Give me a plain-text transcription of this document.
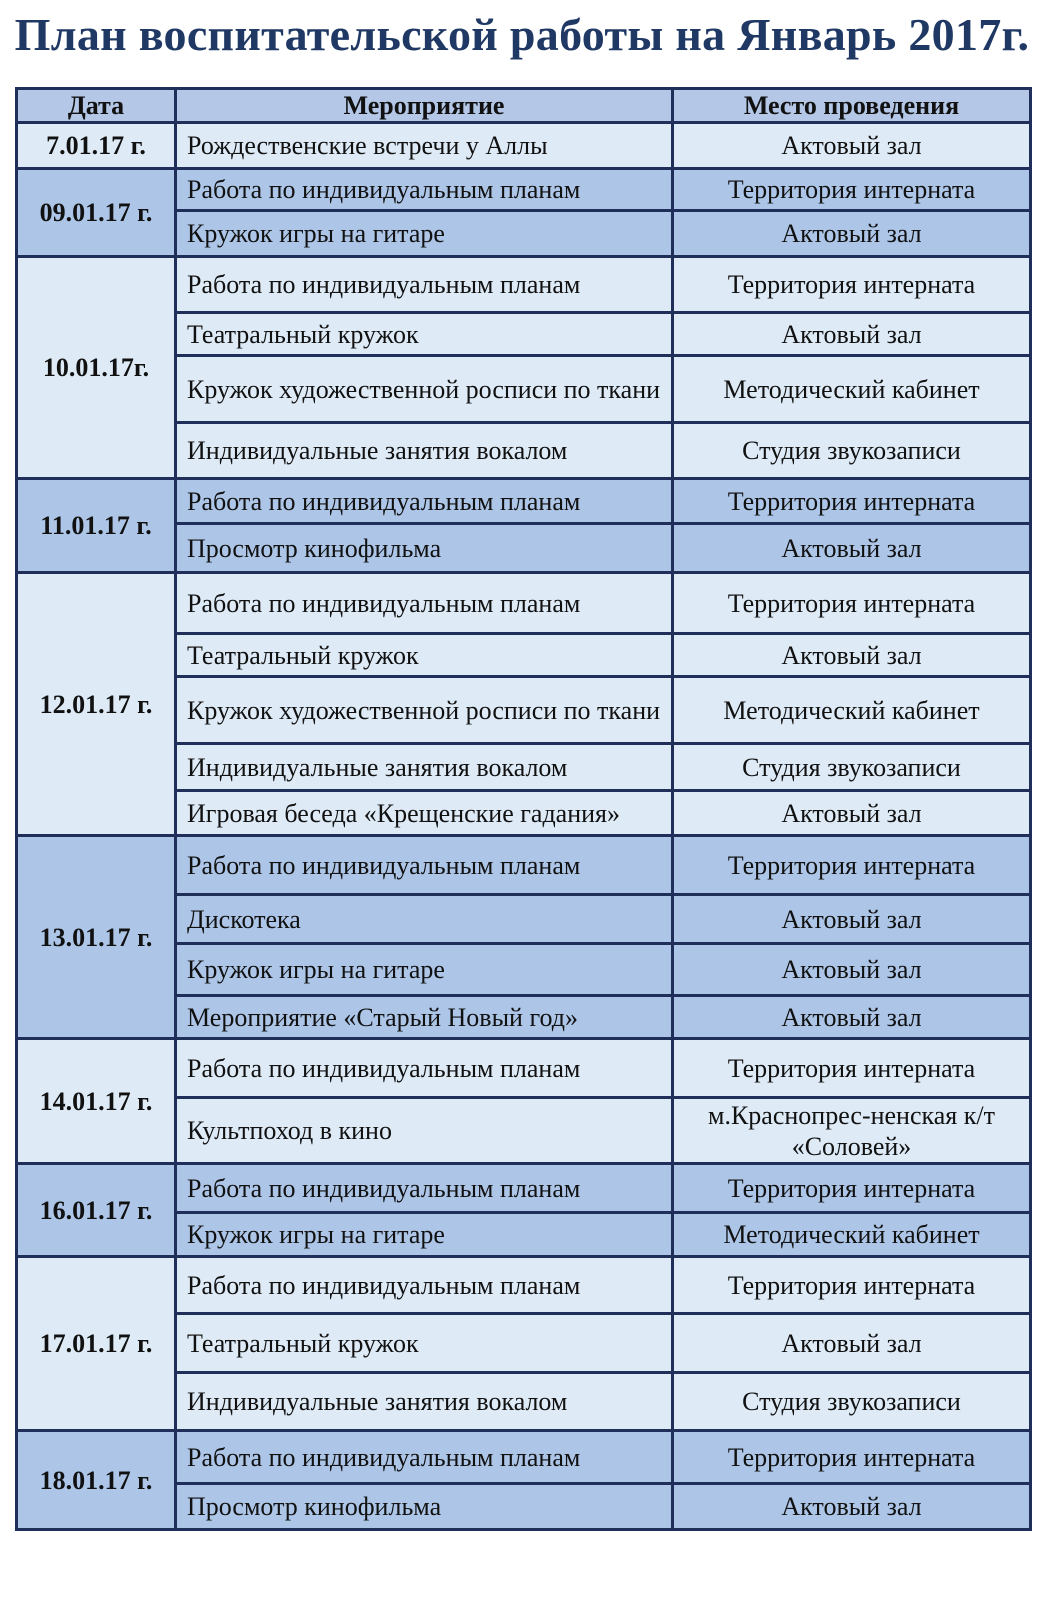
План воспитательской работы на Январь 2017г.
Дата	Мероприятие	Место проведения
7.01.17 г.	Рождественские встречи у Аллы	Актовый зал
09.01.17 г.	Работа по индивидуальным планам	Территория интерната
	Кружок игры на гитаре	Актовый зал
10.01.17г.	Работа по индивидуальным планам	Территория интерната
	Театральный кружок	Актовый зал
	Кружок художественной росписи по ткани	Методический кабинет
	Индивидуальные занятия вокалом	Студия звукозаписи
11.01.17 г.	Работа по индивидуальным планам	Территория интерната
	Просмотр кинофильма	Актовый зал
12.01.17 г.	Работа по индивидуальным планам	Территория интерната
	Театральный кружок	Актовый зал
	Кружок художественной росписи по ткани	Методический кабинет
	Индивидуальные занятия вокалом	Студия звукозаписи
	Игровая беседа «Крещенские гадания»	Актовый зал
13.01.17 г.	Работа по индивидуальным планам	Территория интерната
	Дискотека	Актовый зал
	Кружок игры на гитаре	Актовый зал
	Мероприятие «Старый Новый год»	Актовый зал
14.01.17 г.	Работа по индивидуальным планам	Территория интерната
	Культпоход в кино	м.Краснопрес-ненская к/т «Соловей»
16.01.17 г.	Работа по индивидуальным планам	Территория интерната
	Кружок игры на гитаре	Методический кабинет
17.01.17 г.	Работа по индивидуальным планам	Территория интерната
	Театральный кружок	Актовый зал
	Индивидуальные занятия вокалом	Студия звукозаписи
18.01.17 г.	Работа по индивидуальным планам	Территория интерната
	Просмотр кинофильма	Актовый зал
